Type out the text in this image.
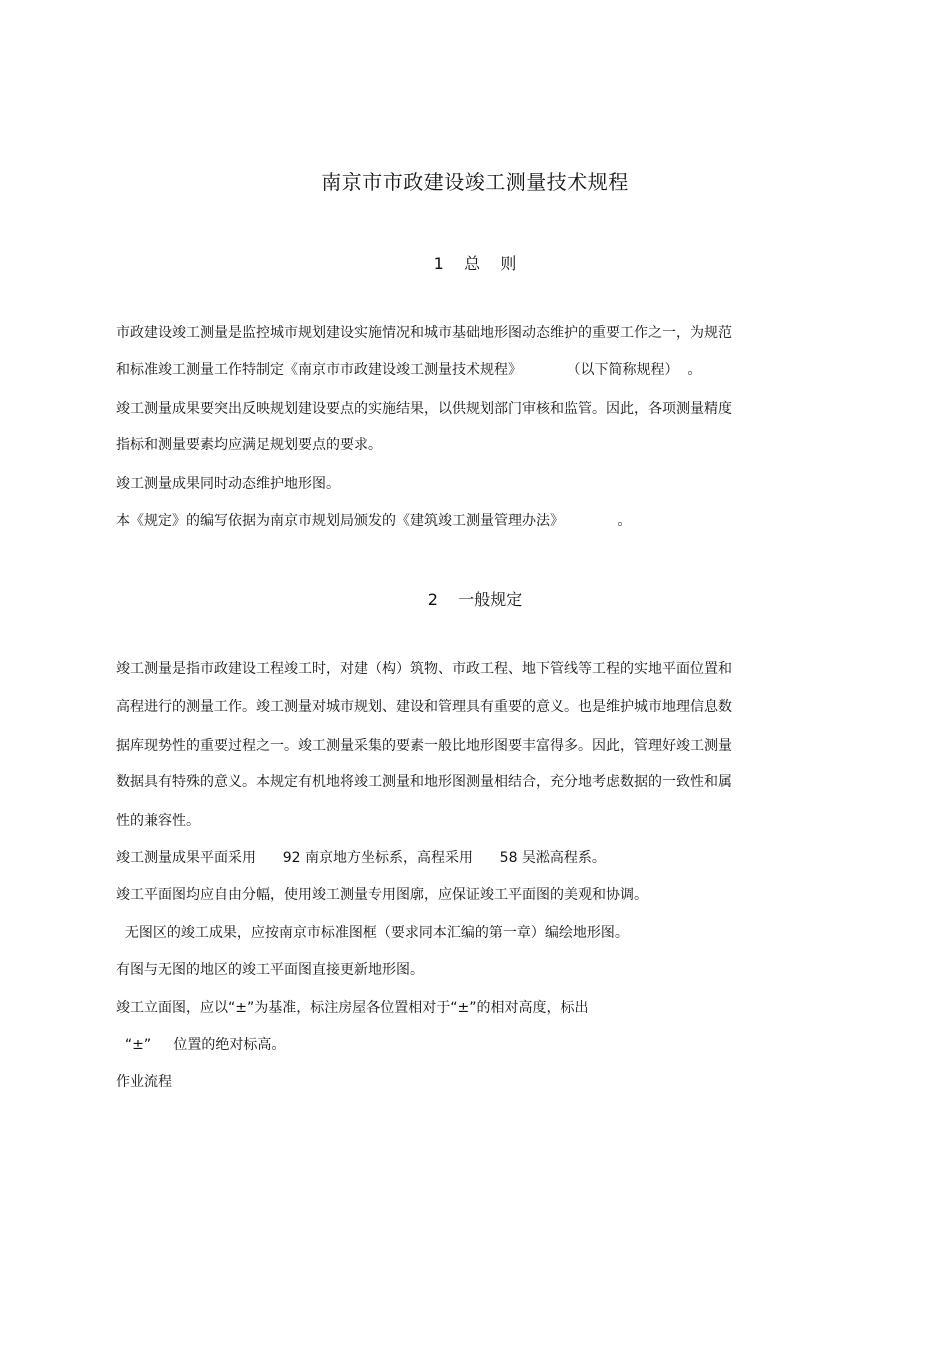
南京市市政建设竣工测量技术规程
1    总    则
市政建设竣工测量是监控城市规划建设实施情况和城市基础地形图动态维护的重要工作之一，为规范
和标准竣工测量工作特制定《南京市市政建设竣工测量技术规程》          （以下简称规程）  。
竣工测量成果要突出反映规划建设要点的实施结果，以供规划部门审核和监管。因此，各项测量精度
指标和测量要素均应满足规划要点的要求。
竣工测量成果同时动态维护地形图。
本《规定》的编写依据为南京市规划局颁发的《建筑竣工测量管理办法》            。
2    一般规定
竣工测量是指市政建设工程竣工时，对建（构）筑物、市政工程、地下管线等工程的实地平面位置和
高程进行的测量工作。竣工测量对城市规划、建设和管理具有重要的意义。也是维护城市地理信息数
据库现势性的重要过程之一。竣工测量采集的要素一般比地形图要丰富得多。因此，管理好竣工测量
数据具有特殊的意义。本规定有机地将竣工测量和地形图测量相结合，充分地考虑数据的一致性和属
性的兼容性。
竣工测量成果平面采用      92 南京地方坐标系，高程采用      58 吴淞高程系。
竣工平面图均应自由分幅，使用竣工测量专用图廓，应保证竣工平面图的美观和协调。
无图区的竣工成果，应按南京市标准图框（要求同本汇编的第一章）编绘地形图。
有图与无图的地区的竣工平面图直接更新地形图。
竣工立面图，应以“±”为基准，标注房屋各位置相对于“±”的相对高度，标出
“±”     位置的绝对标高。
作业流程
